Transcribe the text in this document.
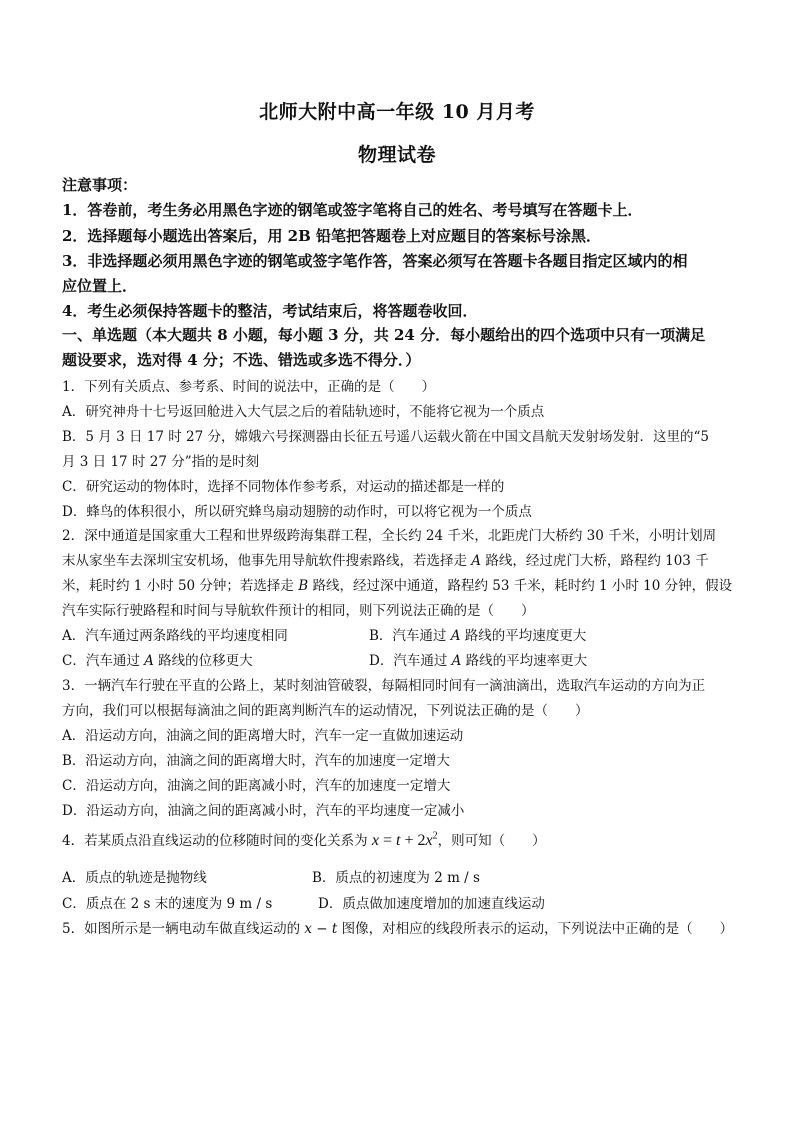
北师大附中高一年级 10 月月考
物理试卷
注意事项：
1．答卷前，考生务必用黑色字迹的钢笔或签字笔将自己的姓名、考号填写在答题卡上．
2．选择题每小题选出答案后，用 2B 铅笔把答题卷上对应题目的答案标号涂黑．
3．非选择题必须用黑色字迹的钢笔或签字笔作答，答案必须写在答题卡各题目指定区域内的相
应位置上．
4．考生必须保持答题卡的整洁，考试结束后，将答题卷收回．
一、单选题（本大题共 8 小题，每小题 3 分，共 24 分．每小题给出的四个选项中只有一项满足
题设要求，选对得 4 分；不选、错选或多选不得分．）
1．下列有关质点、参考系、时间的说法中，正确的是（　　）
A．研究神舟十七号返回舱进入大气层之后的着陆轨迹时，不能将它视为一个质点
B．5 月 3 日 17 时 27 分，嫦娥六号探测器由长征五号遥八运载火箭在中国文昌航天发射场发射．这里的“5
月 3 日 17 时 27 分”指的是时刻
C．研究运动的物体时，选择不同物体作参考系，对运动的描述都是一样的
D．蜂鸟的体积很小，所以研究蜂鸟扇动翅膀的动作时，可以将它视为一个质点
2．深中通道是国家重大工程和世界级跨海集群工程，全长约 24 千米，北距虎门大桥约 30 千米，小明计划周
末从家坐车去深圳宝安机场，他事先用导航软件搜索路线，若选择走 A 路线，经过虎门大桥，路程约 103 千
米，耗时约 1 小时 50 分钟；若选择走 B 路线，经过深中通道，路程约 53 千米，耗时约 1 小时 10 分钟，假设
汽车实际行驶路程和时间与导航软件预计的相同，则下列说法正确的是（　　）
A．汽车通过两条路线的平均速度相同	B．汽车通过 A 路线的平均速度更大
C．汽车通过 A 路线的位移更大	D．汽车通过 A 路线的平均速率更大
3．一辆汽车行驶在平直的公路上，某时刻油管破裂，每隔相同时间有一滴油滴出，选取汽车运动的方向为正
方向，我们可以根据每滴油之间的距离判断汽车的运动情况，下列说法正确的是（　　）
A．沿运动方向，油滴之间的距离增大时，汽车一定一直做加速运动
B．沿运动方向，油滴之间的距离增大时，汽车的加速度一定增大
C．沿运动方向，油滴之间的距离减小时，汽车的加速度一定增大
D．沿运动方向，油滴之间的距离减小时，汽车的平均速度一定减小
4．若某质点沿直线运动的位移随时间的变化关系为 $x = t + 2x^2$，则可知（　　）
A．质点的轨迹是抛物线	B．质点的初速度为 2 m / s
C．质点在 2 s 末的速度为 9 m / s	D．质点做加速度增加的加速直线运动
5．如图所示是一辆电动车做直线运动的 x − t 图像，对相应的线段所表示的运动，下列说法中正确的是（　　）
